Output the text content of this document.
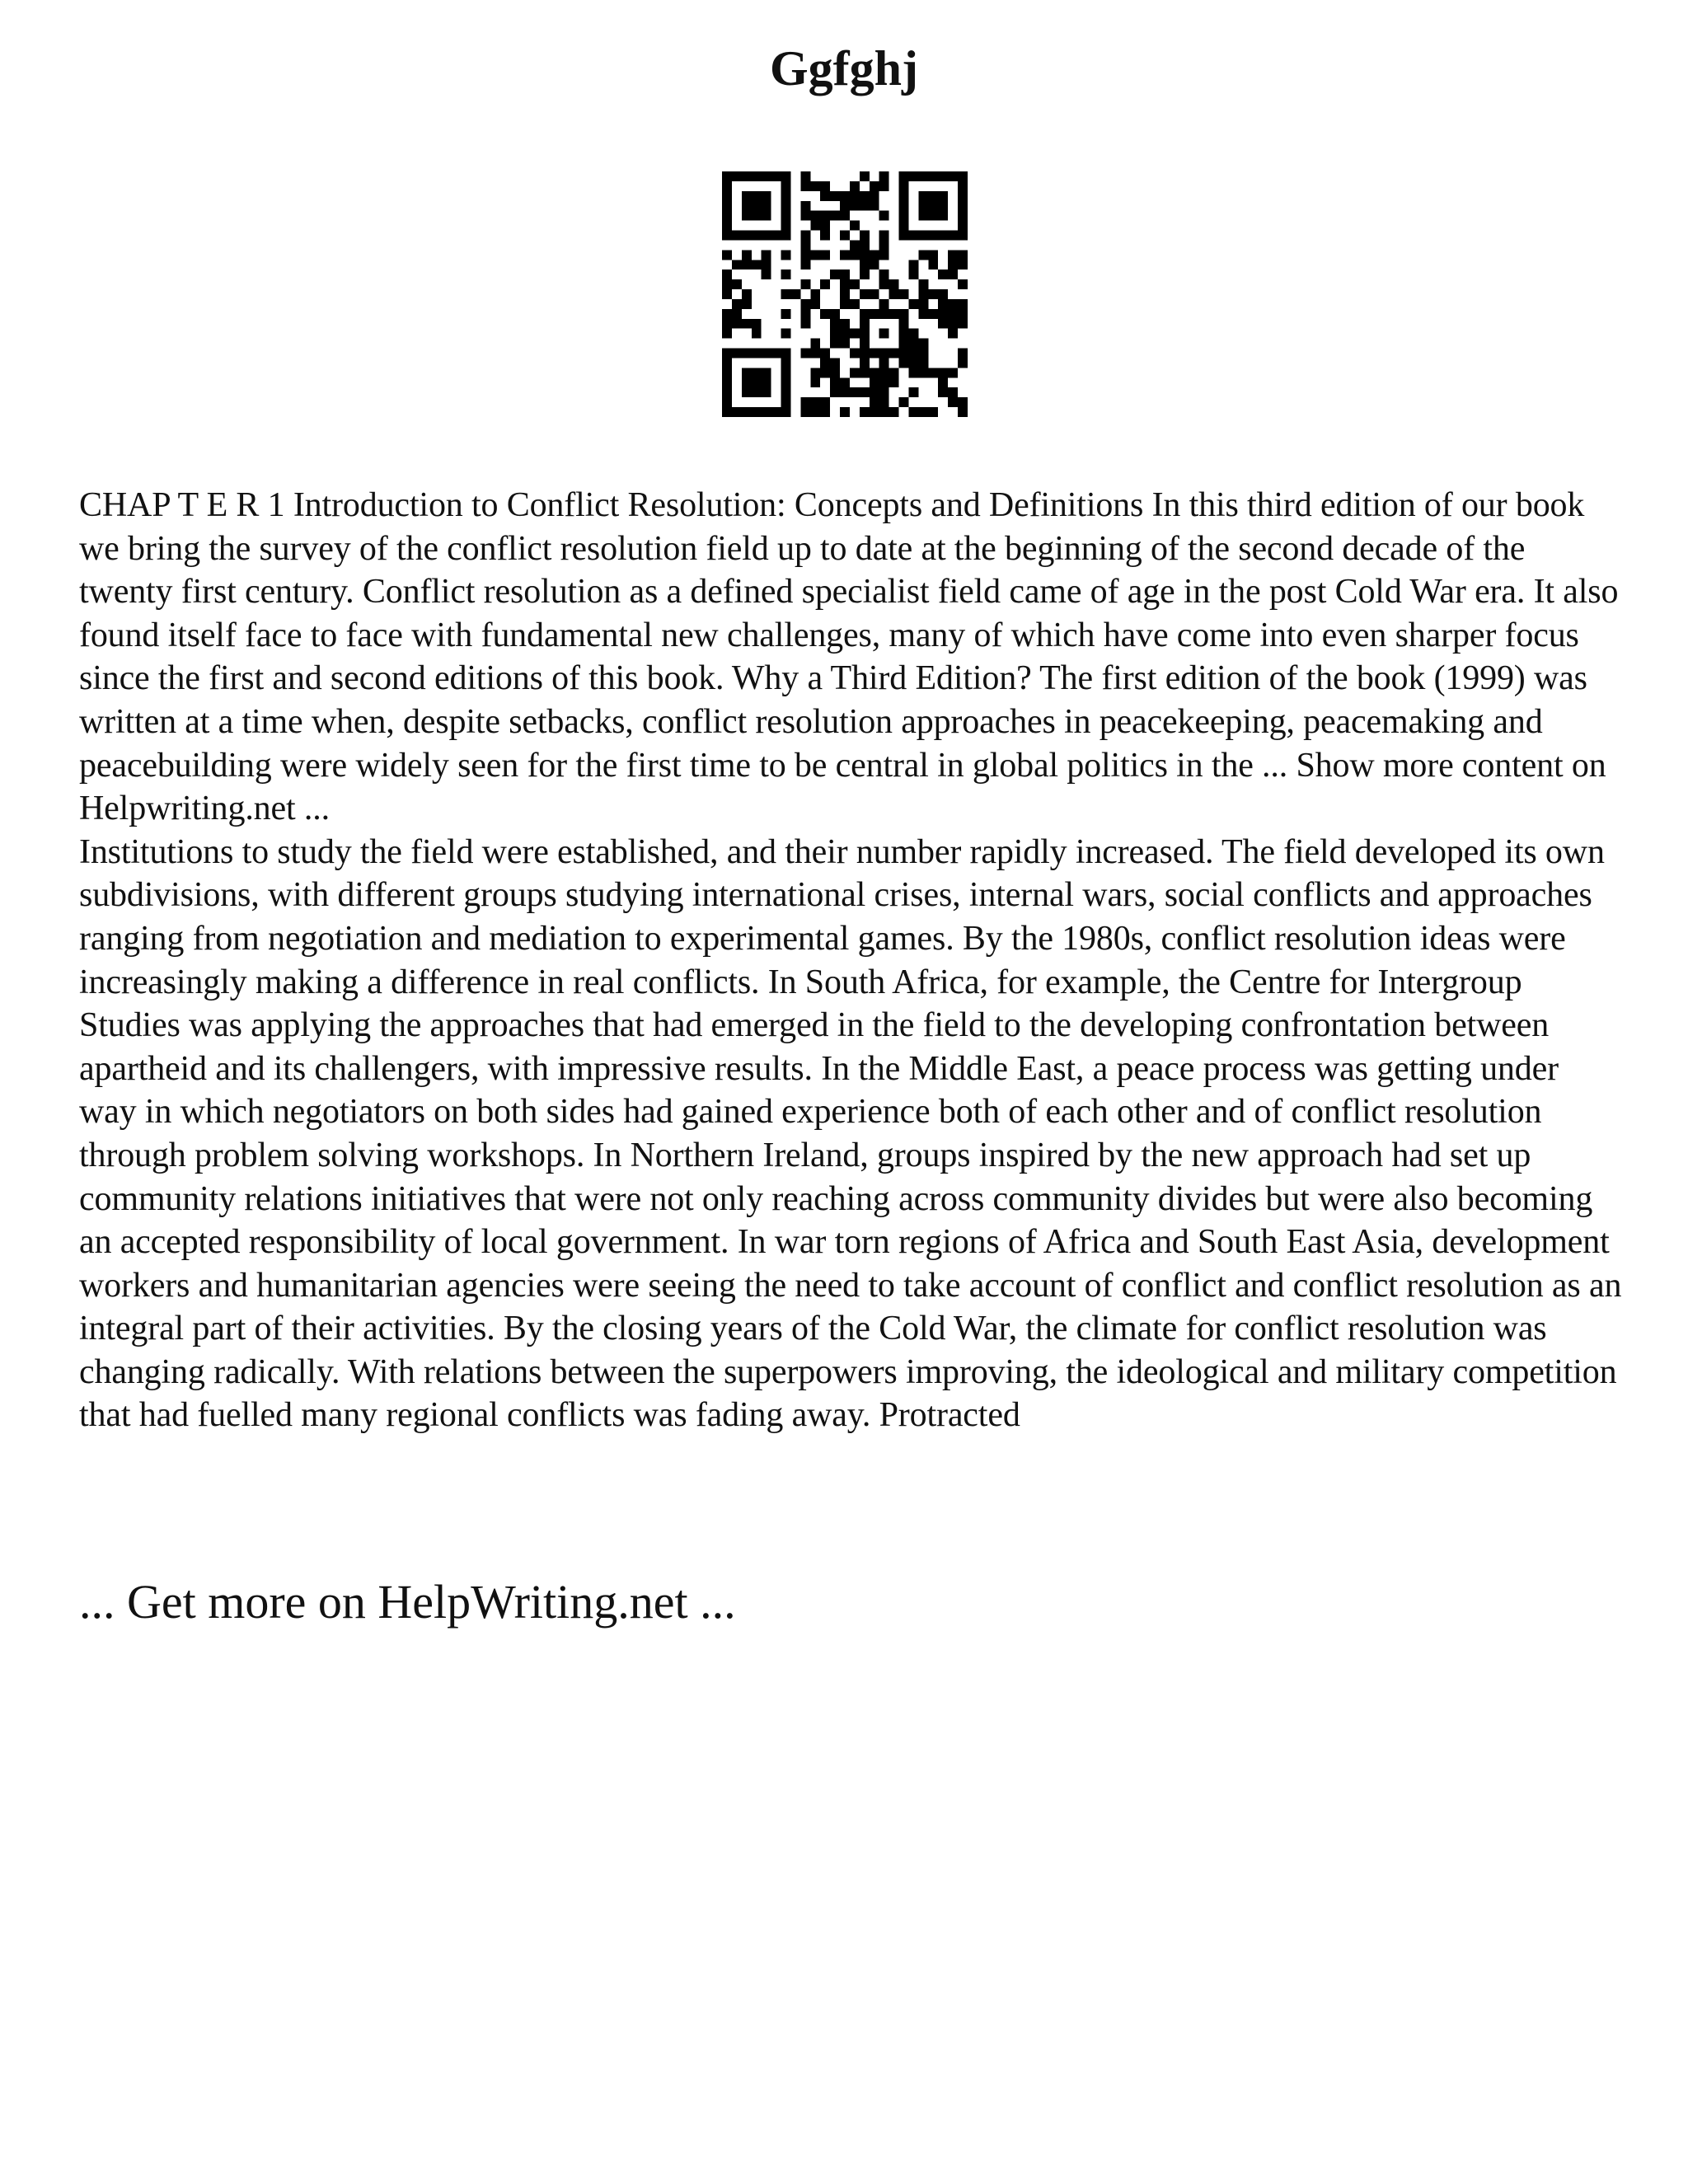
Ggfghj
CHAP T E R 1 Introduction to Conflict Resolution: Concepts and Definitions In this third edition of our book we bring the survey of the conflict resolution field up to date at the beginning of the second decade of the twenty first century. Conflict resolution as a defined specialist field came of age in the post Cold War era. It also found itself face to face with fundamental new challenges, many of which have come into even sharper focus since the first and second editions of this book. Why a Third Edition? The first edition of the book (1999) was written at a time when, despite setbacks, conflict resolution approaches in peacekeeping, peacemaking and peacebuilding were widely seen for the first time to be central in global politics in the ... Show more content on Helpwriting.net ...
Institutions to study the field were established, and their number rapidly increased. The field developed its own subdivisions, with different groups studying international crises, internal wars, social conflicts and approaches ranging from negotiation and mediation to experimental games. By the 1980s, conflict resolution ideas were increasingly making a difference in real conflicts. In South Africa, for example, the Centre for Intergroup Studies was applying the approaches that had emerged in the field to the developing confrontation between apartheid and its challengers, with impressive results. In the Middle East, a peace process was getting under way in which negotiators on both sides had gained experience both of each other and of conflict resolution through problem solving workshops. In Northern Ireland, groups inspired by the new approach had set up community relations initiatives that were not only reaching across community divides but were also becoming an accepted responsibility of local government. In war torn regions of Africa and South East Asia, development workers and humanitarian agencies were seeing the need to take account of conflict and conflict resolution as an integral part of their activities. By the closing years of the Cold War, the climate for conflict resolution was changing radically. With relations between the superpowers improving, the ideological and military competition that had fuelled many regional conflicts was fading away. Protracted

... Get more on HelpWriting.net ...
